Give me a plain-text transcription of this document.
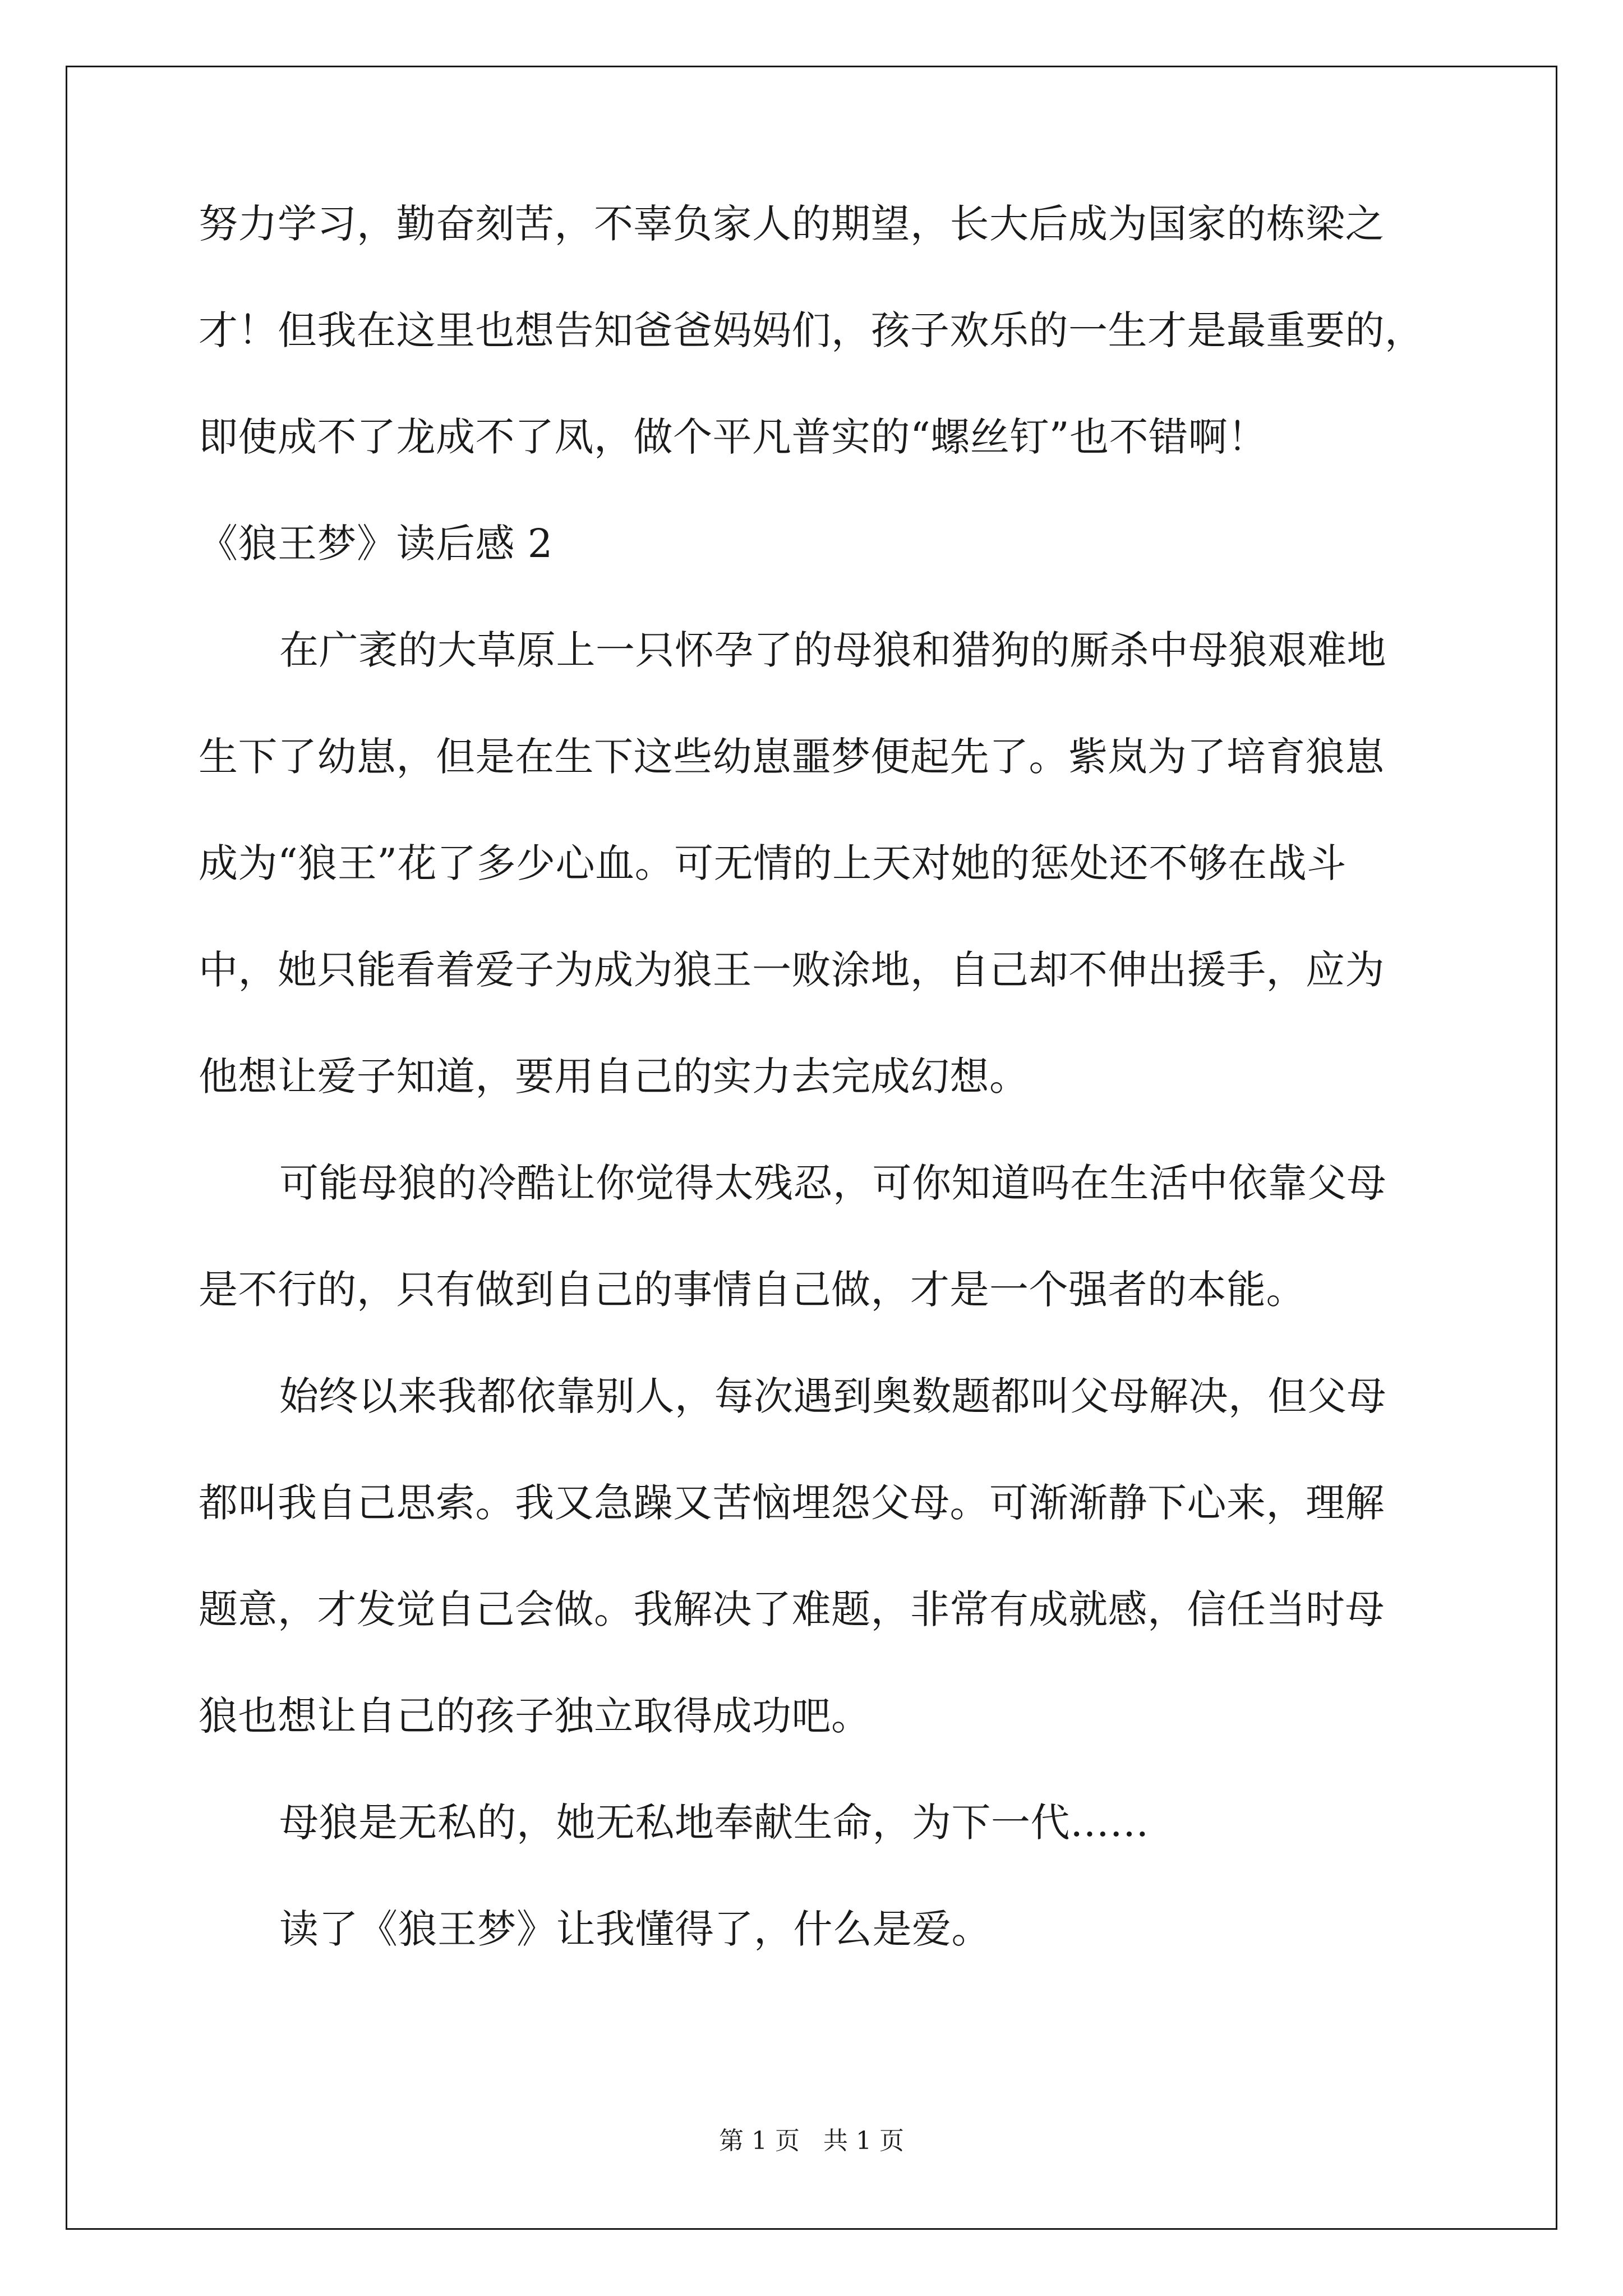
努力学习，勤奋刻苦，不辜负家人的期望，长大后成为国家的栋梁之
才！但我在这里也想告知爸爸妈妈们，孩子欢乐的一生才是最重要的，
即使成不了龙成不了凤，做个平凡普实的“螺丝钉”也不错啊！
《狼王梦》读后感 2
在广袤的大草原上一只怀孕了的母狼和猎狗的厮杀中母狼艰难地
生下了幼崽，但是在生下这些幼崽噩梦便起先了。紫岚为了培育狼崽
成为“狼王”花了多少心血。可无情的上天对她的惩处还不够在战斗
中，她只能看着爱子为成为狼王一败涂地，自己却不伸出援手，应为
他想让爱子知道，要用自己的实力去完成幻想。
可能母狼的冷酷让你觉得太残忍，可你知道吗在生活中依靠父母
是不行的，只有做到自己的事情自己做，才是一个强者的本能。
始终以来我都依靠别人，每次遇到奥数题都叫父母解决，但父母
都叫我自己思索。我又急躁又苦恼埋怨父母。可渐渐静下心来，理解
题意，才发觉自己会做。我解决了难题，非常有成就感，信任当时母
狼也想让自己的孩子独立取得成功吧。
母狼是无私的，她无私地奉献生命，为下一代……
读了《狼王梦》让我懂得了，什么是爱。
第 1 页   共 1 页
